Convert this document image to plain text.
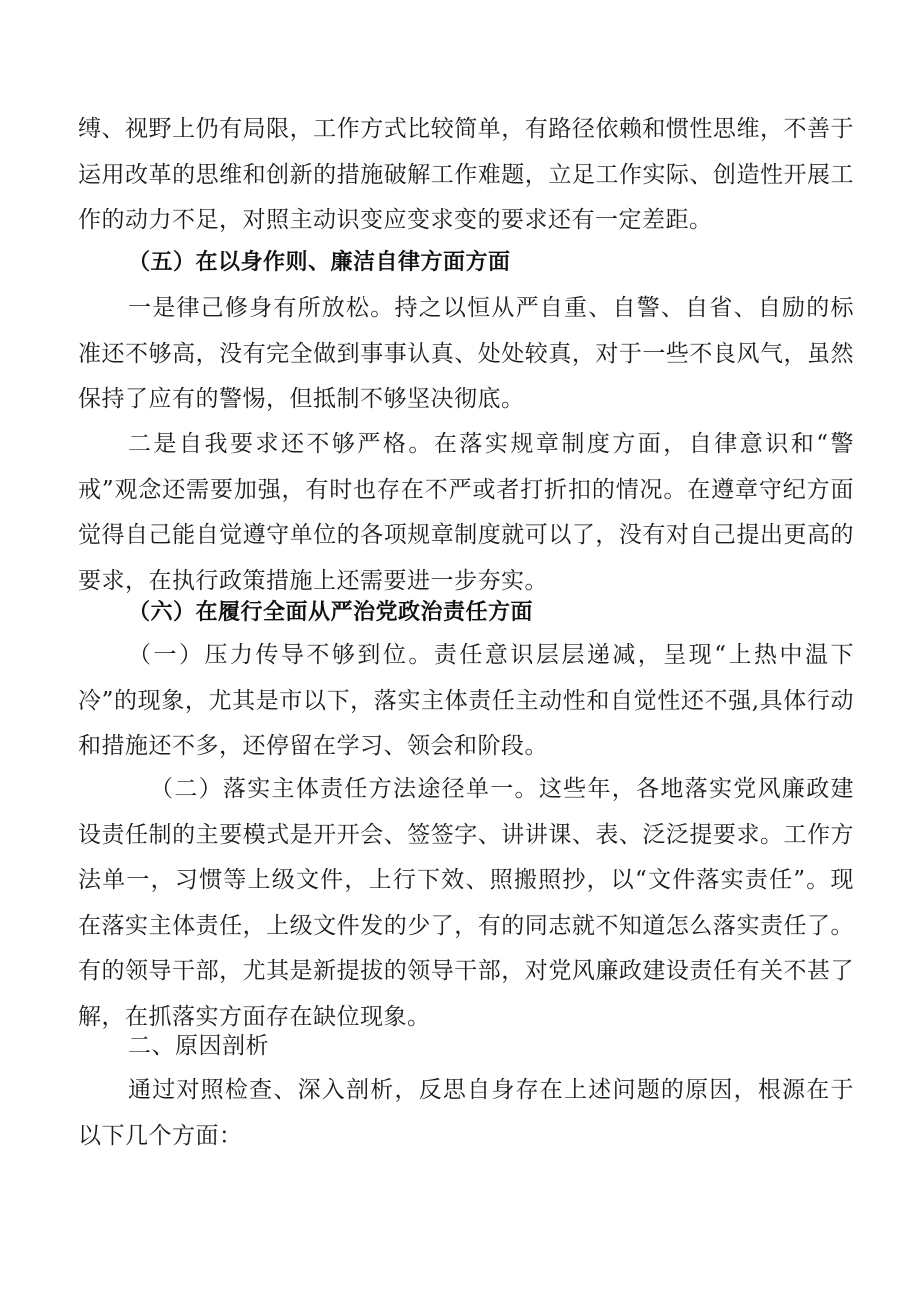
缚、视野上仍有局限，工作方式比较简单，有路径依赖和惯性思维，不善于运用改革的思维和创新的措施破解工作难题，立足工作实际、创造性开展工作的动力不足，对照主动识变应变求变的要求还有一定差距。

（五）在以身作则、廉洁自律方面方面

一是律己修身有所放松。持之以恒从严自重、自警、自省、自励的标准还不够高，没有完全做到事事认真、处处较真，对于一些不良风气，虽然保持了应有的警惕，但抵制不够坚决彻底。

二是自我要求还不够严格。在落实规章制度方面，自律意识和“警戒”观念还需要加强，有时也存在不严或者打折扣的情况。在遵章守纪方面觉得自己能自觉遵守单位的各项规章制度就可以了，没有对自己提出更高的要求，在执行政策措施上还需要进一步夯实。

（六）在履行全面从严治党政治责任方面

（一）压力传导不够到位。责任意识层层递减，呈现“上热中温下冷”的现象，尤其是市以下，落实主体责任主动性和自觉性还不强,具体行动和措施还不多，还停留在学习、领会和阶段。

（二）落实主体责任方法途径单一。这些年，各地落实党风廉政建设责任制的主要模式是开开会、签签字、讲讲课、表、泛泛提要求。工作方法单一，习惯等上级文件，上行下效、照搬照抄，以“文件落实责任”。现在落实主体责任，上级文件发的少了，有的同志就不知道怎么落实责任了。有的领导干部，尤其是新提拔的领导干部，对党风廉政建设责任有关不甚了解，在抓落实方面存在缺位现象。

二、原因剖析

通过对照检查、深入剖析，反思自身存在上述问题的原因，根源在于以下几个方面：
